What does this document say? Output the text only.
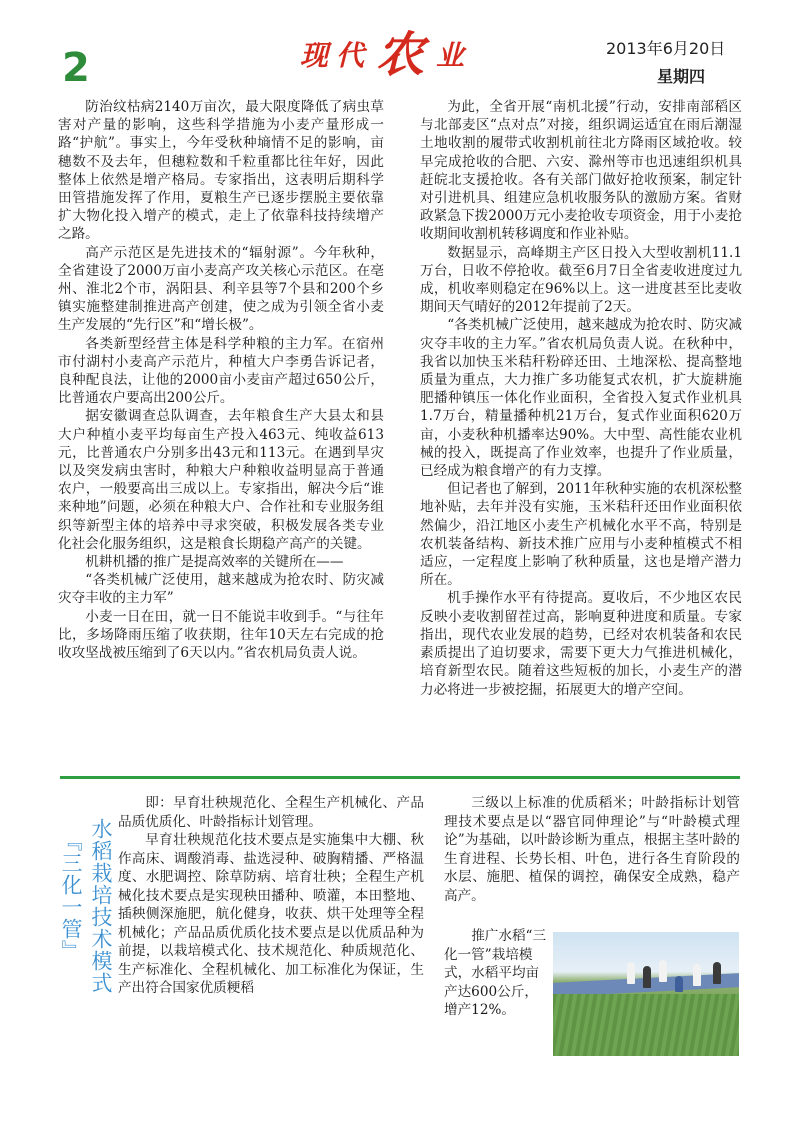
2	现 代 农 业	2013年6月20日
星期四

防治纹枯病2140万亩次，最大限度降低了病虫草害对产量的影响，这些科学措施为小麦产量形成一路“护航”。事实上，今年受秋种墒情不足的影响，亩穗数不及去年，但穗粒数和千粒重都比往年好，因此整体上依然是增产格局。专家指出，这表明后期科学田管措施发挥了作用，夏粮生产已逐步摆脱主要依靠扩大物化投入增产的模式，走上了依靠科技持续增产之路。

高产示范区是先进技术的“辐射源”。今年秋种，全省建设了2000万亩小麦高产攻关核心示范区。在亳州、淮北2个市，涡阳县、利辛县等7个县和200个乡镇实施整建制推进高产创建，使之成为引领全省小麦生产发展的“先行区”和“增长极”。

各类新型经营主体是科学种粮的主力军。在宿州市付湖村小麦高产示范片，种植大户李勇告诉记者，良种配良法，让他的2000亩小麦亩产超过650公斤，比普通农户要高出200公斤。

据安徽调查总队调查，去年粮食生产大县太和县大户种植小麦平均每亩生产投入463元、纯收益613元，比普通农户分别多出43元和113元。在遇到旱灾以及突发病虫害时，种粮大户种粮收益明显高于普通农户，一般要高出三成以上。专家指出，解决今后“谁来种地”问题，必须在种粮大户、合作社和专业服务组织等新型主体的培养中寻求突破，积极发展各类专业化社会化服务组织，这是粮食长期稳产高产的关键。

机耕机播的推广是提高效率的关键所在——

“各类机械广泛使用，越来越成为抢农时、防灾减灾夺丰收的主力军”

小麦一日在田，就一日不能说丰收到手。“与往年比，多场降雨压缩了收获期，往年10天左右完成的抢收攻坚战被压缩到了6天以内。”省农机局负责人说。

为此，全省开展“南机北援”行动，安排南部稻区与北部麦区“点对点”对接，组织调运适宜在雨后潮湿土地收割的履带式收割机前往北方降雨区域抢收。较早完成抢收的合肥、六安、滁州等市也迅速组织机具赶皖北支援抢收。各有关部门做好抢收预案，制定针对引进机具、组建应急机收服务队的激励方案。省财政紧急下拨2000万元小麦抢收专项资金，用于小麦抢收期间收割机转移调度和作业补贴。

数据显示，高峰期主产区日投入大型收割机11.1万台，日收不停抢收。截至6月7日全省麦收进度过九成，机收率则稳定在96%以上。这一进度甚至比麦收期间天气晴好的2012年提前了2天。

“各类机械广泛使用，越来越成为抢农时、防灾减灾夺丰收的主力军。”省农机局负责人说。在秋种中，我省以加快玉米秸秆粉碎还田、土地深松、提高整地质量为重点，大力推广多功能复式农机，扩大旋耕施肥播种镇压一体化作业面积，全省投入复式作业机具1.7万台，精量播种机21万台，复式作业面积620万亩，小麦秋种机播率达90%。大中型、高性能农业机械的投入，既提高了作业效率，也提升了作业质量，已经成为粮食增产的有力支撑。

但记者也了解到，2011年秋种实施的农机深松整地补贴，去年并没有实施，玉米秸秆还田作业面积依然偏少，沿江地区小麦生产机械化水平不高，特别是农机装备结构、新技术推广应用与小麦种植模式不相适应，一定程度上影响了秋种质量，这也是增产潜力所在。

机手操作水平有待提高。夏收后，不少地区农民反映小麦收割留茬过高，影响夏种进度和质量。专家指出，现代农业发展的趋势，已经对农机装备和农民素质提出了迫切要求，需要下更大力气推进机械化，培育新型农民。随着这些短板的加长，小麦生产的潜力必将进一步被挖掘，拓展更大的增产空间。

水稻栽培技术模式
『三化一管』

即：早育壮秧规范化、全程生产机械化、产品品质优质化、叶龄指标计划管理。

早育壮秧规范化技术要点是实施集中大棚、秋作高床、调酸消毒、盐选浸种、破胸精播、严格温度、水肥调控、除草防病、培育壮秧；全程生产机械化技术要点是实现秧田播种、喷灌，本田整地、插秧侧深施肥，航化健身，收获、烘干处理等全程机械化；产品品质优质化技术要点是以优质品种为前提，以栽培模式化、技术规范化、种质规范化、生产标准化、全程机械化、加工标准化为保证，生产出符合国家优质粳稻

三级以上标准的优质稻米；叶龄指标计划管理技术要点是以“器官同伸理论”与“叶龄模式理论”为基础，以叶龄诊断为重点，根据主茎叶龄的生育进程、长势长相、叶色，进行各生育阶段的水层、施肥、植保的调控，确保安全成熟，稳产高产。

推广水稻“三化一管”栽培模式，水稻平均亩产达600公斤，增产12%。
